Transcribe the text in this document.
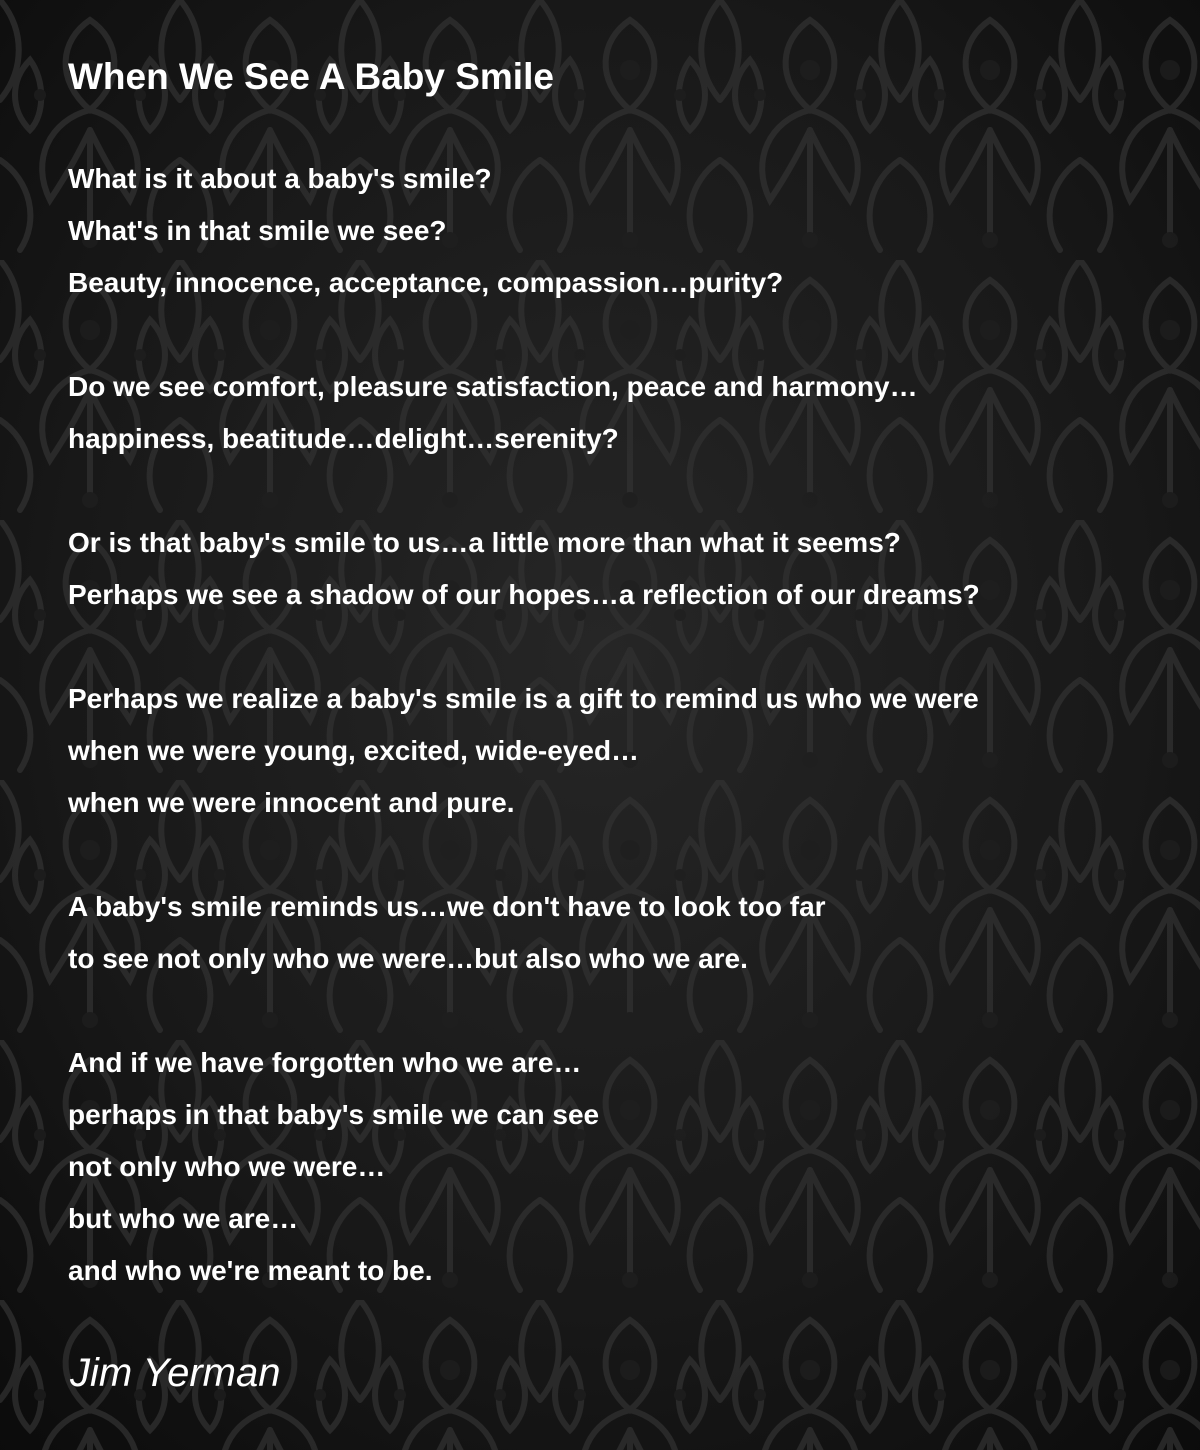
When We See A Baby Smile
What is it about a baby's smile?
What's in that smile we see?
Beauty, innocence, acceptance, compassion…purity?
Do we see comfort, pleasure satisfaction, peace and harmony…
happiness, beatitude…delight…serenity?
Or is that baby's smile to us…a little more than what it seems?
Perhaps we see a shadow of our hopes…a reflection of our dreams?
Perhaps we realize a baby's smile is a gift to remind us who we were
when we were young, excited, wide-eyed…
when we were innocent and pure.
A baby's smile reminds us…we don't have to look too far
to see not only who we were…but also who we are.
And if we have forgotten who we are…
perhaps in that baby's smile we can see
not only who we were…
but who we are…
and who we're meant to be.
Jim Yerman
